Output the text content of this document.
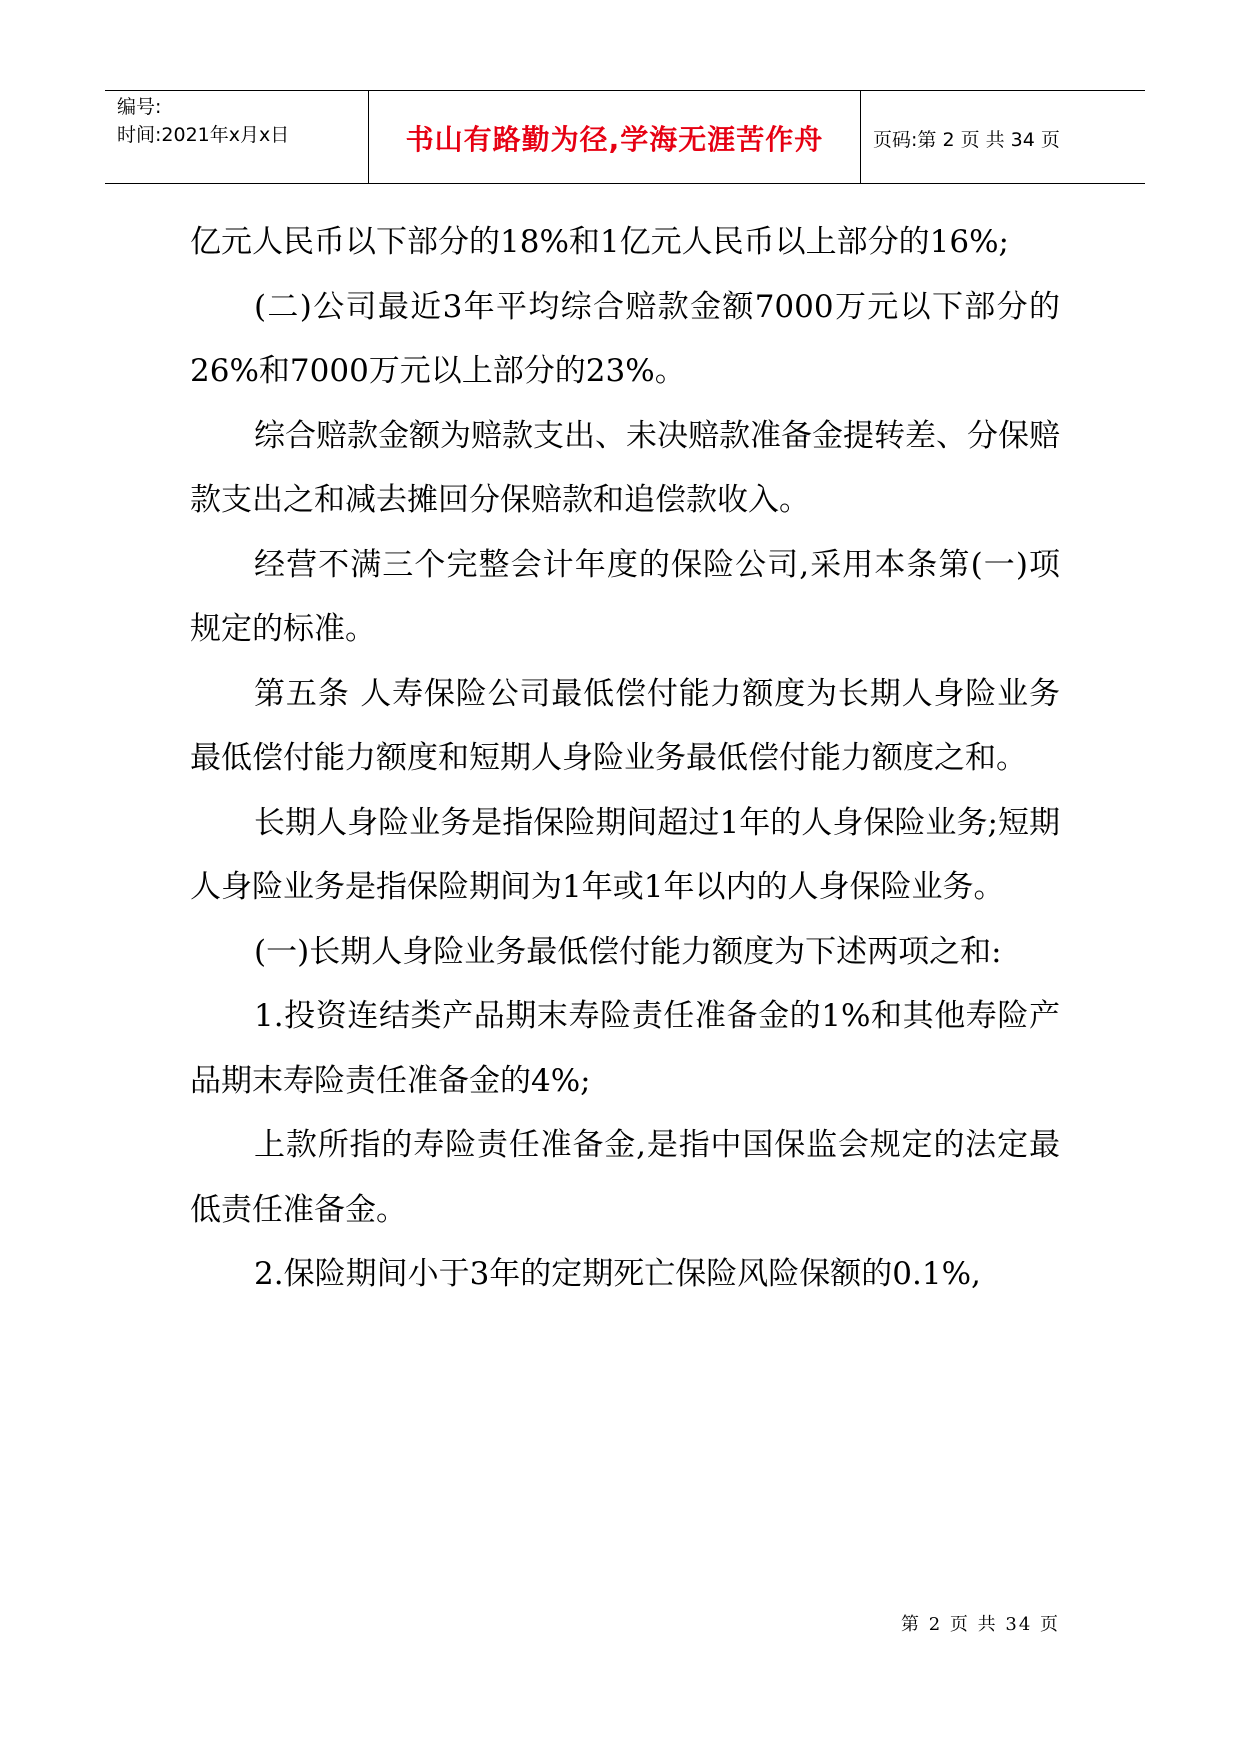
编号:
时间:2021年x月x日	书山有路勤为径,学海无涯苦作舟	页码:第 2 页 共 34 页

亿元人民币以下部分的18%和1亿元人民币以上部分的16%;

(二)公司最近3年平均综合赔款金额7000万元以下部分的26%和7000万元以上部分的23%。

综合赔款金额为赔款支出、未决赔款准备金提转差、分保赔款支出之和减去摊回分保赔款和追偿款收入。

经营不满三个完整会计年度的保险公司,采用本条第(一)项规定的标准。

第五条 人寿保险公司最低偿付能力额度为长期人身险业务最低偿付能力额度和短期人身险业务最低偿付能力额度之和。

长期人身险业务是指保险期间超过1年的人身保险业务;短期人身险业务是指保险期间为1年或1年以内的人身保险业务。

(一)长期人身险业务最低偿付能力额度为下述两项之和:

1.投资连结类产品期末寿险责任准备金的1%和其他寿险产品期末寿险责任准备金的4%;

上款所指的寿险责任准备金,是指中国保监会规定的法定最低责任准备金。

2.保险期间小于3年的定期死亡保险风险保额的0.1%,

第 2 页 共 34 页
